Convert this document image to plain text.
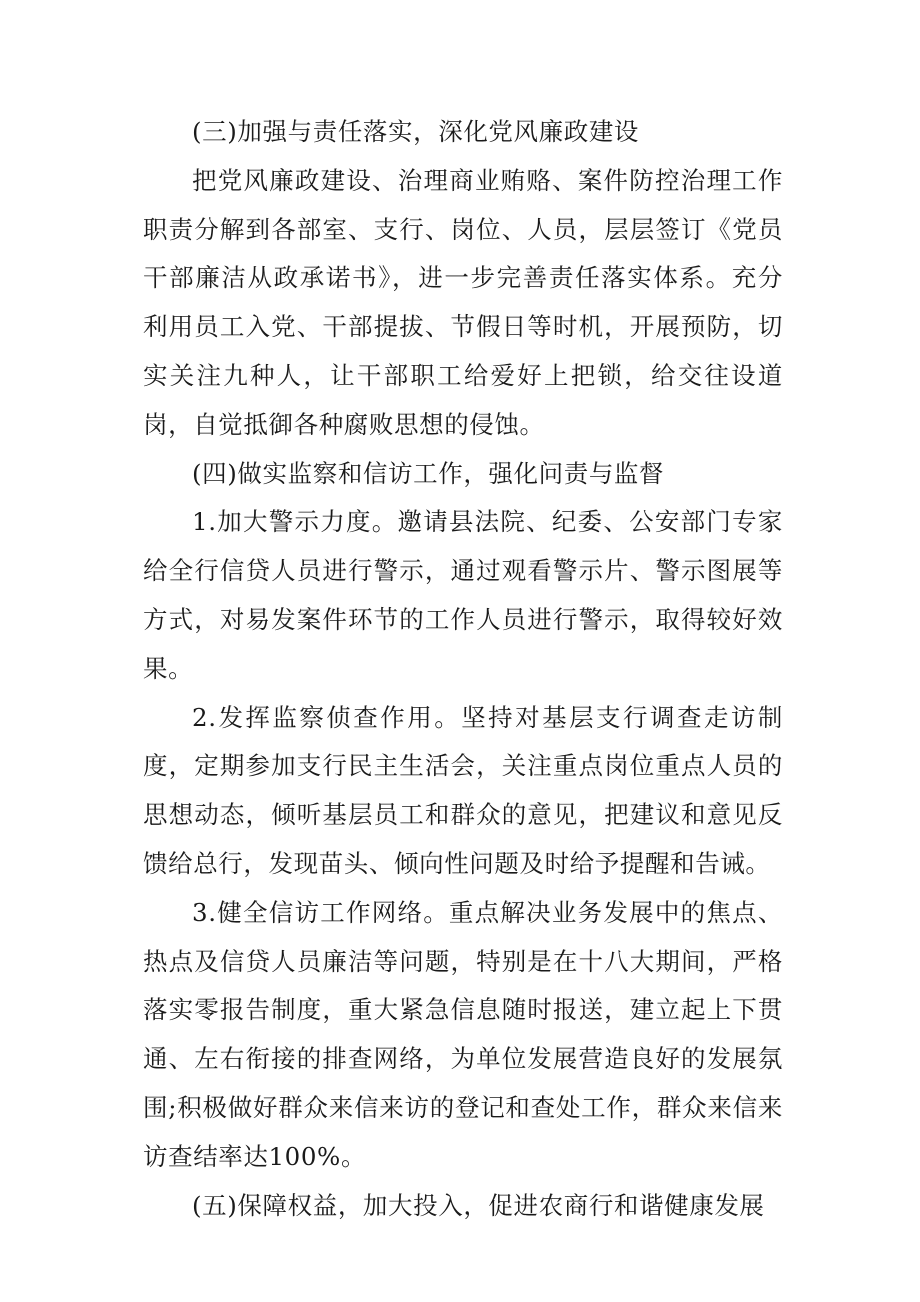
(三)加强与责任落实，深化党风廉政建设

把党风廉政建设、治理商业贿赂、案件防控治理工作职责分解到各部室、支行、岗位、人员，层层签订《党员干部廉洁从政承诺书》，进一步完善责任落实体系。充分利用员工入党、干部提拔、节假日等时机，开展预防，切实关注九种人，让干部职工给爱好上把锁，给交往设道岗，自觉抵御各种腐败思想的侵蚀。

(四)做实监察和信访工作，强化问责与监督

1.加大警示力度。邀请县法院、纪委、公安部门专家给全行信贷人员进行警示，通过观看警示片、警示图展等方式，对易发案件环节的工作人员进行警示，取得较好效果。

2.发挥监察侦查作用。坚持对基层支行调查走访制度，定期参加支行民主生活会，关注重点岗位重点人员的思想动态，倾听基层员工和群众的意见，把建议和意见反馈给总行，发现苗头、倾向性问题及时给予提醒和告诫。

3.健全信访工作网络。重点解决业务发展中的焦点、热点及信贷人员廉洁等问题，特别是在十八大期间，严格落实零报告制度，重大紧急信息随时报送，建立起上下贯通、左右衔接的排查网络，为单位发展营造良好的发展氛围;积极做好群众来信来访的登记和查处工作，群众来信来访查结率达100%。

(五)保障权益，加大投入，促进农商行和谐健康发展
